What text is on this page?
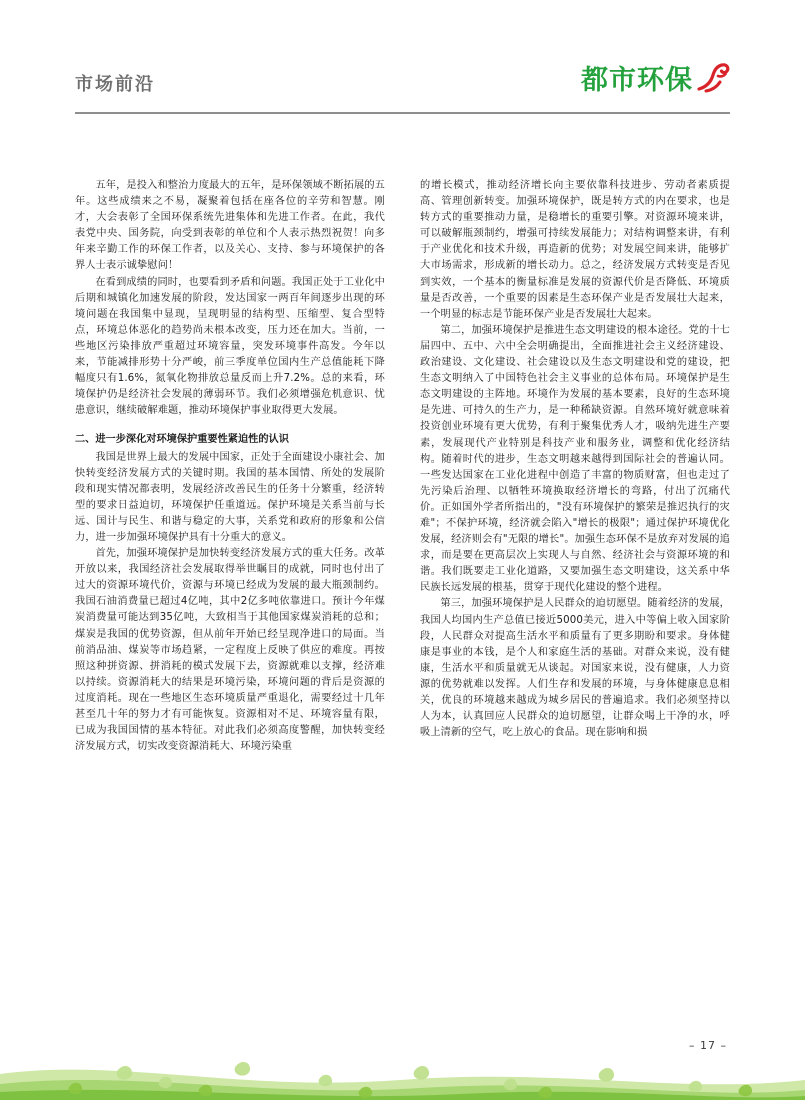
市场前沿	都市环保

五年，是投入和整治力度最大的五年，是环保领域不断拓展的五年。这些成绩来之不易，凝聚着包括在座各位的辛劳和智慧。刚才，大会表彰了全国环保系统先进集体和先进工作者。在此，我代表党中央、国务院，向受到表彰的单位和个人表示热烈祝贺！向多年来辛勤工作的环保工作者，以及关心、支持、参与环境保护的各界人士表示诚挚慰问！

在看到成绩的同时，也要看到矛盾和问题。我国正处于工业化中后期和城镇化加速发展的阶段，发达国家一两百年间逐步出现的环境问题在我国集中显现，呈现明显的结构型、压缩型、复合型特点，环境总体恶化的趋势尚未根本改变，压力还在加大。当前，一些地区污染排放严重超过环境容量，突发环境事件高发。今年以来，节能减排形势十分严峻，前三季度单位国内生产总值能耗下降幅度只有1.6%，氮氧化物排放总量反而上升7.2%。总的来看，环境保护仍是经济社会发展的薄弱环节。我们必须增强危机意识、忧患意识，继续破解难题，推动环境保护事业取得更大发展。

二、进一步深化对环境保护重要性紧迫性的认识

我国是世界上最大的发展中国家，正处于全面建设小康社会、加快转变经济发展方式的关键时期。我国的基本国情、所处的发展阶段和现实情况都表明，发展经济改善民生的任务十分繁重，经济转型的要求日益迫切，环境保护任重道远。保护环境是关系当前与长远、国计与民生、和谐与稳定的大事，关系党和政府的形象和公信力，进一步加强环境保护具有十分重大的意义。

首先，加强环境保护是加快转变经济发展方式的重大任务。改革开放以来，我国经济社会发展取得举世瞩目的成就，同时也付出了过大的资源环境代价，资源与环境已经成为发展的最大瓶颈制约。我国石油消费量已超过4亿吨，其中2亿多吨依靠进口。预计今年煤炭消费量可能达到35亿吨，大致相当于其他国家煤炭消耗的总和；煤炭是我国的优势资源，但从前年开始已经呈现净进口的局面。当前消品油、煤炭等市场趋紧，一定程度上反映了供应的难度。再按照这种拼资源、拼消耗的模式发展下去，资源就难以支撑，经济难以持续。资源消耗大的结果是环境污染，环境问题的背后是资源的过度消耗。现在一些地区生态环境质量严重退化，需要经过十几年甚至几十年的努力才有可能恢复。资源相对不足、环境容量有限，已成为我国国情的基本特征。对此我们必须高度警醒，加快转变经济发展方式，切实改变资源消耗大、环境污染重

的增长模式，推动经济增长向主要依靠科技进步、劳动者素质提高、管理创新转变。加强环境保护，既是转方式的内在要求，也是转方式的重要推动力量，是稳增长的重要引擎。对资源环境来讲，可以破解瓶颈制约，增强可持续发展能力；对结构调整来讲，有利于产业优化和技术升级，再造新的优势；对发展空间来讲，能够扩大市场需求，形成新的增长动力。总之，经济发展方式转变是否见到实效，一个基本的衡量标准是发展的资源代价是否降低、环境质量是否改善，一个重要的因素是生态环保产业是否发展壮大起来，一个明显的标志是节能环保产业是否发展壮大起来。

第二，加强环境保护是推进生态文明建设的根本途径。党的十七届四中、五中、六中全会明确提出，全面推进社会主义经济建设、政治建设、文化建设、社会建设以及生态文明建设和党的建设，把生态文明纳入了中国特色社会主义事业的总体布局。环境保护是生态文明建设的主阵地。环境作为发展的基本要素，良好的生态环境是先进、可持久的生产力，是一种稀缺资源。自然环境好就意味着投资创业环境有更大优势，有利于聚集优秀人才，吸纳先进生产要素，发展现代产业特别是科技产业和服务业，调整和优化经济结构。随着时代的进步，生态文明越来越得到国际社会的普遍认同。一些发达国家在工业化进程中创造了丰富的物质财富，但也走过了先污染后治理、以牺牲环境换取经济增长的弯路，付出了沉痛代价。正如国外学者所指出的，"没有环境保护的繁荣是推迟执行的灾难"；不保护环境，经济就会陷入"增长的极限"；通过保护环境优化发展，经济则会有"无限的增长"。加强生态环保不是放弃对发展的追求，而是要在更高层次上实现人与自然、经济社会与资源环境的和谐。我们既要走工业化道路，又要加强生态文明建设，这关系中华民族长远发展的根基，贯穿于现代化建设的整个进程。

第三，加强环境保护是人民群众的迫切愿望。随着经济的发展，我国人均国内生产总值已接近5000美元，进入中等偏上收入国家阶段，人民群众对提高生活水平和质量有了更多期盼和要求。身体健康是事业的本钱，是个人和家庭生活的基础。对群众来说，没有健康，生活水平和质量就无从谈起。对国家来说，没有健康，人力资源的优势就难以发挥。人们生存和发展的环境，与身体健康息息相关，优良的环境越来越成为城乡居民的普遍追求。我们必须坚持以人为本，认真回应人民群众的迫切愿望，让群众喝上干净的水，呼吸上清新的空气，吃上放心的食品。现在影响和损

– 17 –
